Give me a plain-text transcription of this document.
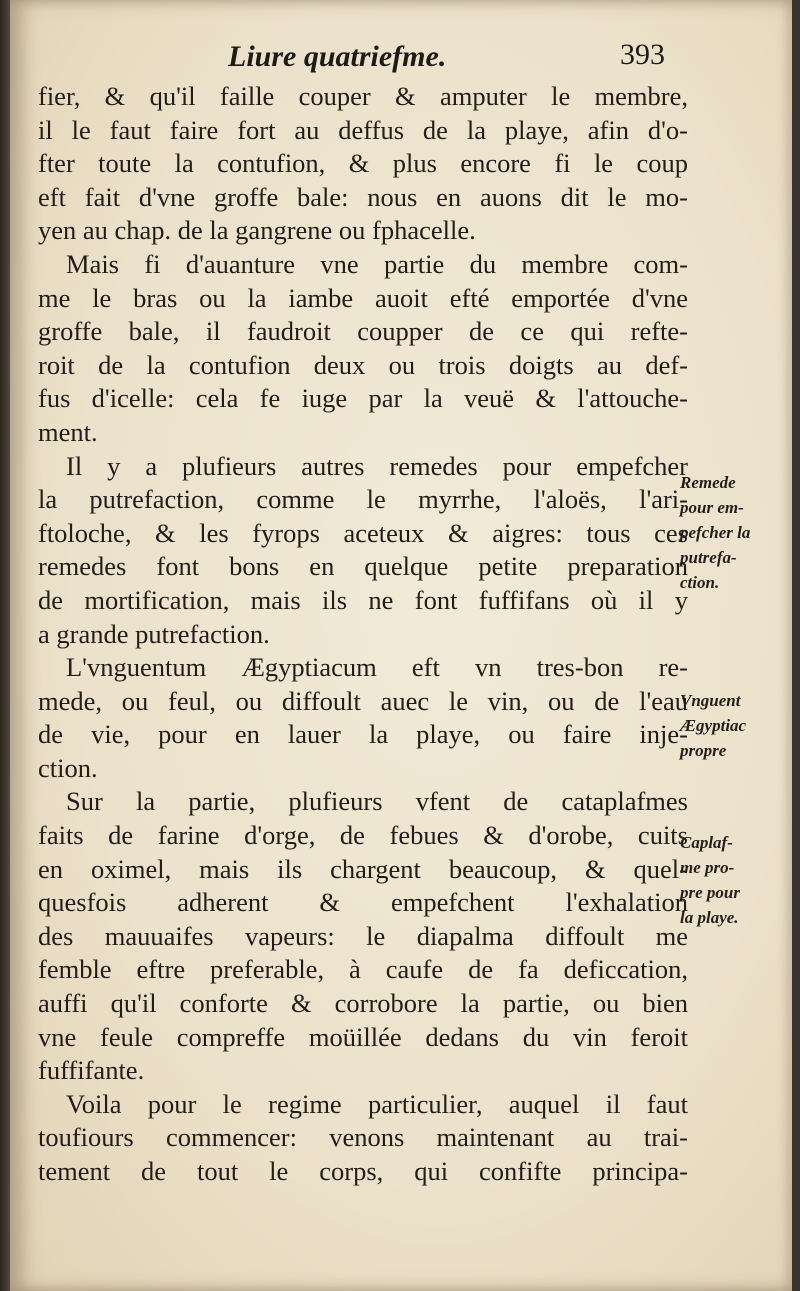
Liure quatriefme.	393
fier, & qu'il faille couper & amputer le membre,
il le faut faire fort au deffus de la playe, afin d'o-
fter toute la contufion, & plus encore fi le coup
eft fait d'vne groffe bale: nous en auons dit le mo-
yen au chap. de la gangrene ou fphacelle.
Mais fi d'auanture vne partie du membre com-
me le bras ou la iambe auoit efté emportée d'vne
groffe bale, il faudroit coupper de ce qui refte-
roit de la contufion deux ou trois doigts au def-
fus d'icelle: cela fe iuge par la veuë & l'attouche-
ment.
Il y a plufieurs autres remedes pour empefcher
la putrefaction, comme le myrrhe, l'aloës, l'ari-
ftoloche, & les fyrops aceteux & aigres: tous ces
remedes font bons en quelque petite preparation
de mortification, mais ils ne font fuffifans où il y
a grande putrefaction.
L'vnguentum Ægyptiacum eft vn tres-bon re-
mede, ou feul, ou diffoult auec le vin, ou de l'eau
de vie, pour en lauer la playe, ou faire inje-
ction.
Sur la partie, plufieurs vfent de cataplafmes
faits de farine d'orge, de febues & d'orobe, cuits
en oximel, mais ils chargent beaucoup, & quel-
quesfois adherent & empefchent l'exhalation
des mauuaifes vapeurs: le diapalma diffoult me
femble eftre preferable, à caufe de fa deficcation,
auffi qu'il conforte & corrobore la partie, ou bien
vne feule compreffe moüillée dedans du vin feroit
fuffifante.
Voila pour le regime particulier, auquel il faut
toufiours commencer: venons maintenant au trai-
tement de tout le corps, qui confifte principa-
Remede
pour em-
pefcher la
putrefa-
ction.
Vnguent
Ægyptiac
propre
Caplaf-
me pro-
pre pour
la playe.
